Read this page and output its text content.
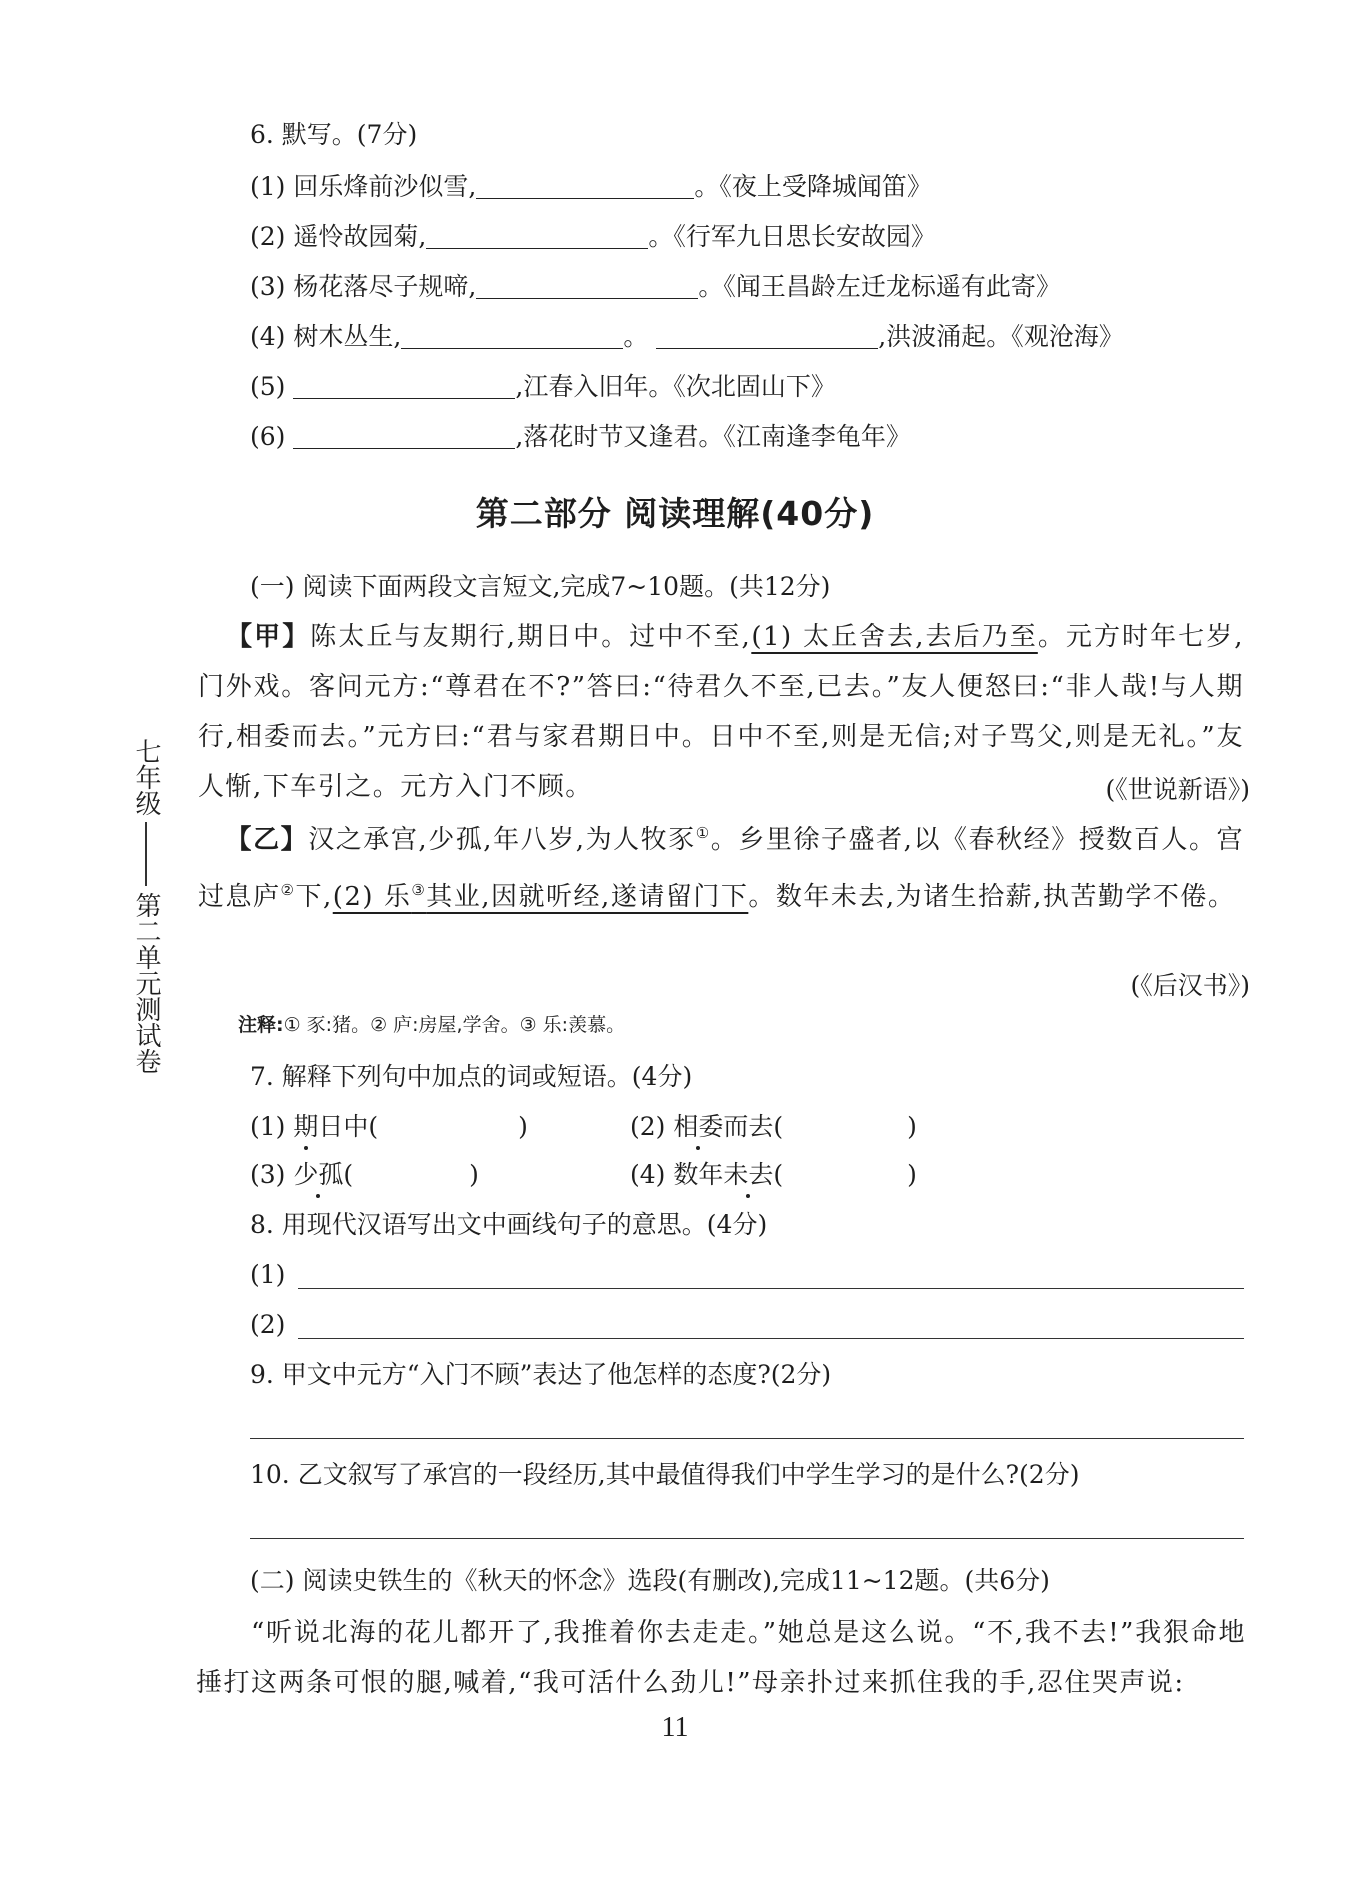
6. 默写。(7分)
(1) 回乐烽前沙似雪,	。《夜上受降城闻笛》
(2) 遥怜故园菊,	。《行军九日思长安故园》
(3) 杨花落尽子规啼,	。《闻王昌龄左迁龙标遥有此寄》
(4) 树木丛生,	。	,洪波涌起。《观沧海》
(5)	,江春入旧年。《次北固山下》
(6)	,落花时节又逢君。《江南逢李龟年》
第二部分 阅读理解(40分)
(一) 阅读下面两段文言短文,完成7~10题。(共12分)
 【甲】陈太丘与友期行,期日中。过中不至,(1) 太丘舍去,去后乃至。元方时年七岁,门外戏。客问元方:“尊君在不?”答曰:“待君久不至,已去。”友人便怒曰:“非人哉!与人期行,相委而去。”元方曰:“君与家君期日中。日中不至,则是无信;对子骂父,则是无礼。”友人惭,下车引之。元方入门不顾。	(《世说新语》)
 【乙】汉之承宫,少孤,年八岁,为人牧豕①。乡里徐子盛者,以《春秋经》授数百人。宫过息庐②下,(2) 乐③其业,因就听经,遂请留门下。数年未去,为诸生拾薪,执苦勤学不倦。
(《后汉书》)
注释:① 豕:猪。② 庐:房屋,学舍。③ 乐:羡慕。
7. 解释下列句中加点的词或短语。(4分)
(1) 期日中(	)	(2) 相委而去(	)
(3) 少孤(	)	(4) 数年未去(	)
8. 用现代汉语写出文中画线句子的意思。(4分)
(1)
(2)
9. 甲文中元方“入门不顾”表达了他怎样的态度?(2分)
10. 乙文叙写了承宫的一段经历,其中最值得我们中学生学习的是什么?(2分)
(二) 阅读史铁生的《秋天的怀念》选段(有删改),完成11~12题。(共6分)
  “听说北海的花儿都开了,我推着你去走走。”她总是这么说。“不,我不去!”我狠命地捶打这两条可恨的腿,喊着,“我可活什么劲儿!”母亲扑过来抓住我的手,忍住哭声说:
七年级
第二单元测试卷
11
